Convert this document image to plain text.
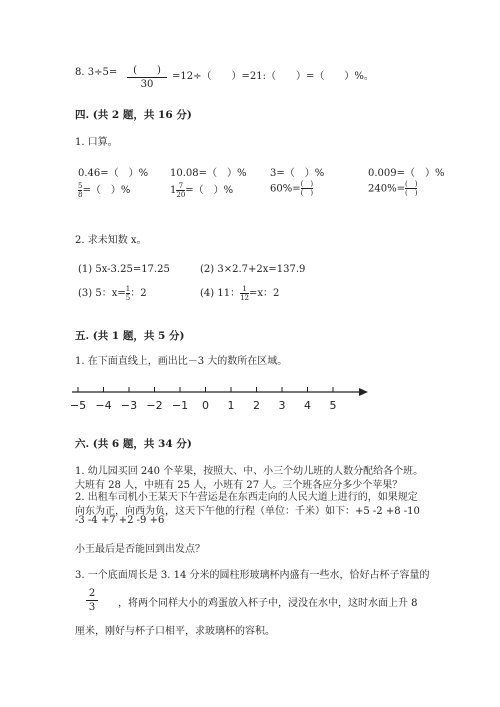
8. 3÷5=	(　　)
30
=12÷（　　）=21:（　　）=（　　）%。
四. (共 2 题，共 16 分)
1. 口算。
0.46=（　）% 10.08=（　）% 3=（　）%	0.009=（　）%
$\frac{5}{8}$ =（　）%	$1 \frac{7}{20}$ =（　）%	$60\%= \frac{( )}{( )}$	$240\%= \frac{( )}{( )}$
2. 求未知数 x。
(1) 5x-3.25=17.25	(2) 3×2.7+2x=137.9
(3) 5：$x= \frac{1}{5}$ ：2	(4) 11： $\frac{1}{12} =x$：2
五. (共 1 题，共 5 分)
1. 在下面直线上，画出比－3 大的数所在区域。
−5 −4 −3 −2 −1 0 1 2 3 4 5
六. (共 6 题，共 34 分)
1. 幼儿园买回 240 个苹果，按照大、中、小三个幼儿班的人数分配给各个班。
大班有 28 人，中班有 25 人，小班有 27 人。三个班各应分多少个苹果？
2. 出租车司机小王某天下午营运是在东西走向的人民大道上进行的，如果规定
向东为正，向西为负，这天下午他的行程（单位：千米）如下：+5 -2 +8 -10
-3 -4 +7 +2 -9 +6
小王最后是否能回到出发点？
3. 一个底面周长是 3. 14 分米的圆柱形玻璃杯内盛有一些水，恰好占杯子容量的
2
3 ，将两个同样大小的鸡蛋放入杯子中，浸没在水中，这时水面上升 8
厘米，刚好与杯子口相平，求玻璃杯的容积。
